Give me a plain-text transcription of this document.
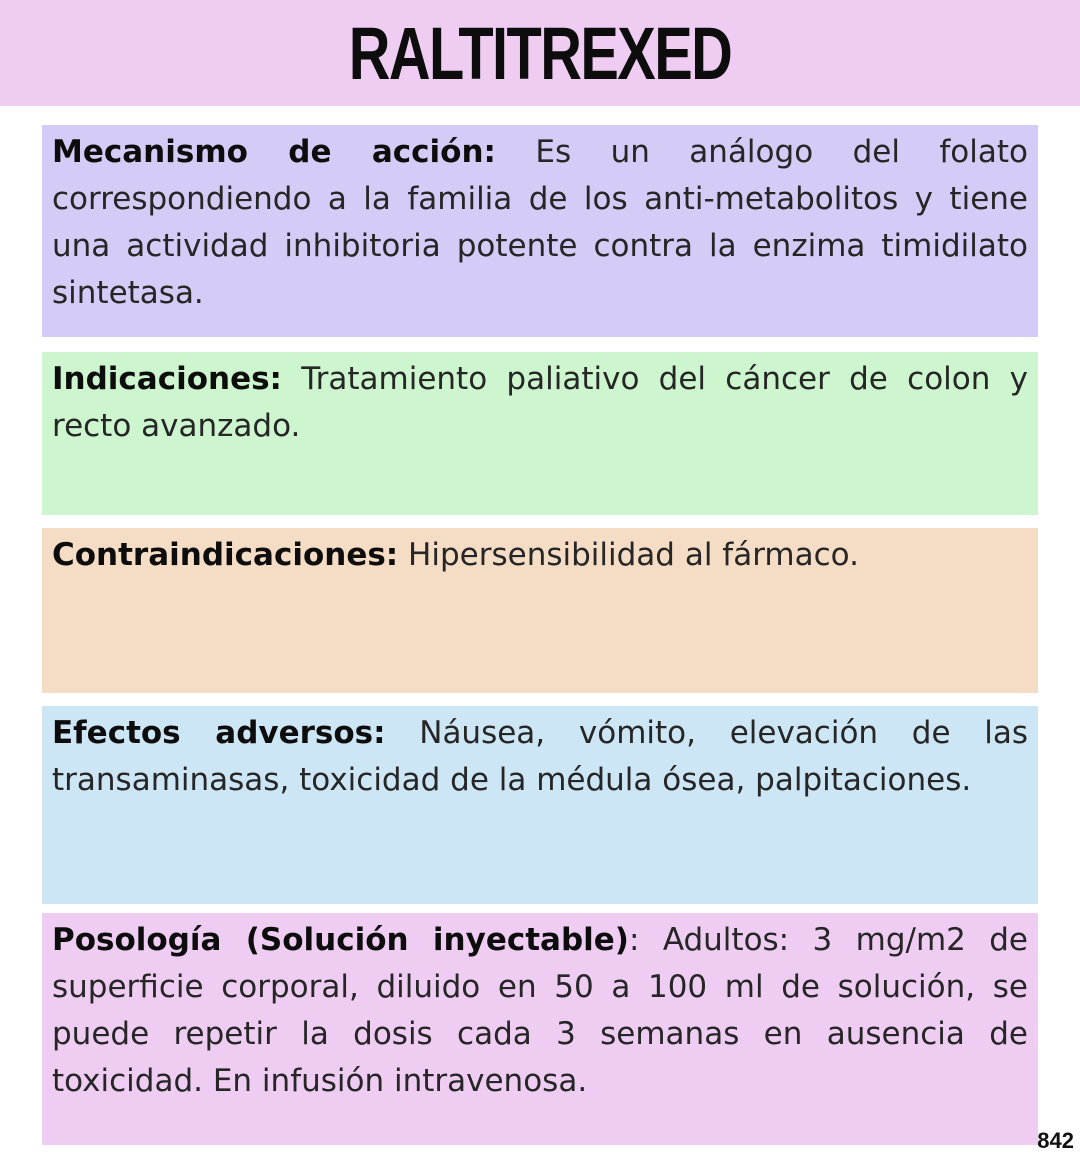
RALTITREXED

Mecanismo de acción: Es un análogo del folato correspondiendo a la familia de los anti-metabolitos y tiene una actividad inhibitoria potente contra la enzima timidilato sintetasa.

Indicaciones: Tratamiento paliativo del cáncer de colon y recto avanzado.

Contraindicaciones: Hipersensibilidad al fármaco.

Efectos adversos: Náusea, vómito, elevación de las transaminasas, toxicidad de la médula ósea, palpitaciones.

Posología (Solución inyectable): Adultos: 3 mg/m2 de superficie corporal, diluido en 50 a 100 ml de solución, se puede repetir la dosis cada 3 semanas en ausencia de toxicidad. En infusión intravenosa.

842
